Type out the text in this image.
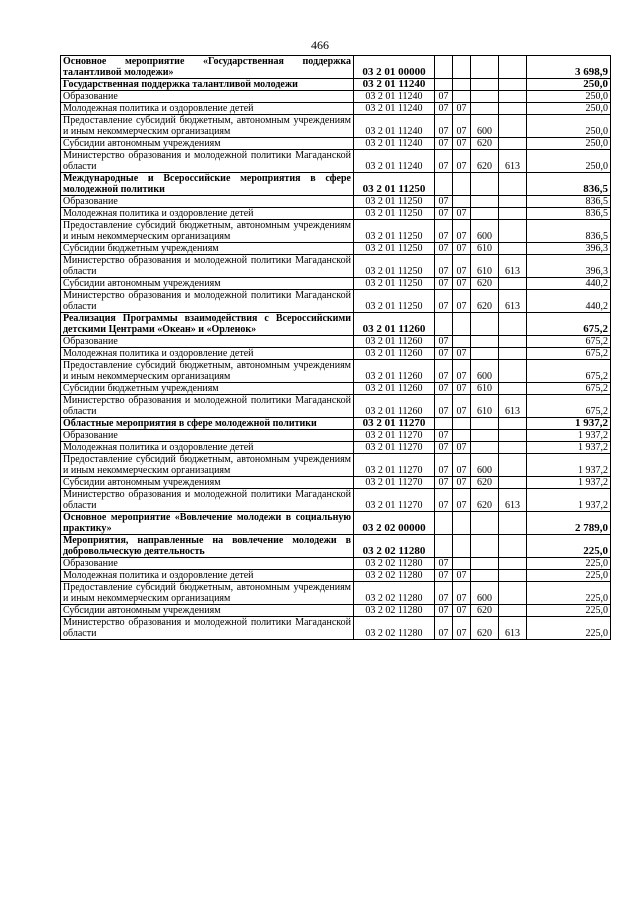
466
Основное мероприятие «Государственная поддержка талантливой молодежи»	03 2 01 00000					3 698,9
Государственная поддержка талантливой молодежи	03 2 01 11240					250,0
Образование	03 2 01 11240	07				250,0
Молодежная политика и оздоровление детей	03 2 01 11240	07	07			250,0
Предоставление субсидий бюджетным, автономным учреждениям и иным некоммерческим организациям	03 2 01 11240	07	07	600		250,0
Субсидии автономным учреждениям	03 2 01 11240	07	07	620		250,0
Министерство образования и молодежной политики Магаданской области	03 2 01 11240	07	07	620	613	250,0
Международные и Всероссийские мероприятия в сфере молодежной политики	03 2 01 11250					836,5
Образование	03 2 01 11250	07				836,5
Молодежная политика и оздоровление детей	03 2 01 11250	07	07			836,5
Предоставление субсидий бюджетным, автономным учреждениям и иным некоммерческим организациям	03 2 01 11250	07	07	600		836,5
Субсидии бюджетным учреждениям	03 2 01 11250	07	07	610		396,3
Министерство образования и молодежной политики Магаданской области	03 2 01 11250	07	07	610	613	396,3
Субсидии автономным учреждениям	03 2 01 11250	07	07	620		440,2
Министерство образования и молодежной политики Магаданской области	03 2 01 11250	07	07	620	613	440,2
Реализация Программы взаимодействия с Всероссийскими детскими Центрами «Океан» и «Орленок»	03 2 01 11260					675,2
Образование	03 2 01 11260	07				675,2
Молодежная политика и оздоровление детей	03 2 01 11260	07	07			675,2
Предоставление субсидий бюджетным, автономным учреждениям и иным некоммерческим организациям	03 2 01 11260	07	07	600		675,2
Субсидии бюджетным учреждениям	03 2 01 11260	07	07	610		675,2
Министерство образования и молодежной политики Магаданской области	03 2 01 11260	07	07	610	613	675,2
Областные мероприятия в сфере молодежной политики	03 2 01 11270					1 937,2
Образование	03 2 01 11270	07				1 937,2
Молодежная политика и оздоровление детей	03 2 01 11270	07	07			1 937,2
Предоставление субсидий бюджетным, автономным учреждениям и иным некоммерческим организациям	03 2 01 11270	07	07	600		1 937,2
Субсидии автономным учреждениям	03 2 01 11270	07	07	620		1 937,2
Министерство образования и молодежной политики Магаданской области	03 2 01 11270	07	07	620	613	1 937,2
Основное мероприятие «Вовлечение молодежи в социальную практику»	03 2 02 00000					2 789,0
Мероприятия, направленные на вовлечение молодежи в добровольческую деятельность	03 2 02 11280					225,0
Образование	03 2 02 11280	07				225,0
Молодежная политика и оздоровление детей	03 2 02 11280	07	07			225,0
Предоставление субсидий бюджетным, автономным учреждениям и иным некоммерческим организациям	03 2 02 11280	07	07	600		225,0
Субсидии автономным учреждениям	03 2 02 11280	07	07	620		225,0
Министерство образования и молодежной политики Магаданской области	03 2 02 11280	07	07	620	613	225,0
